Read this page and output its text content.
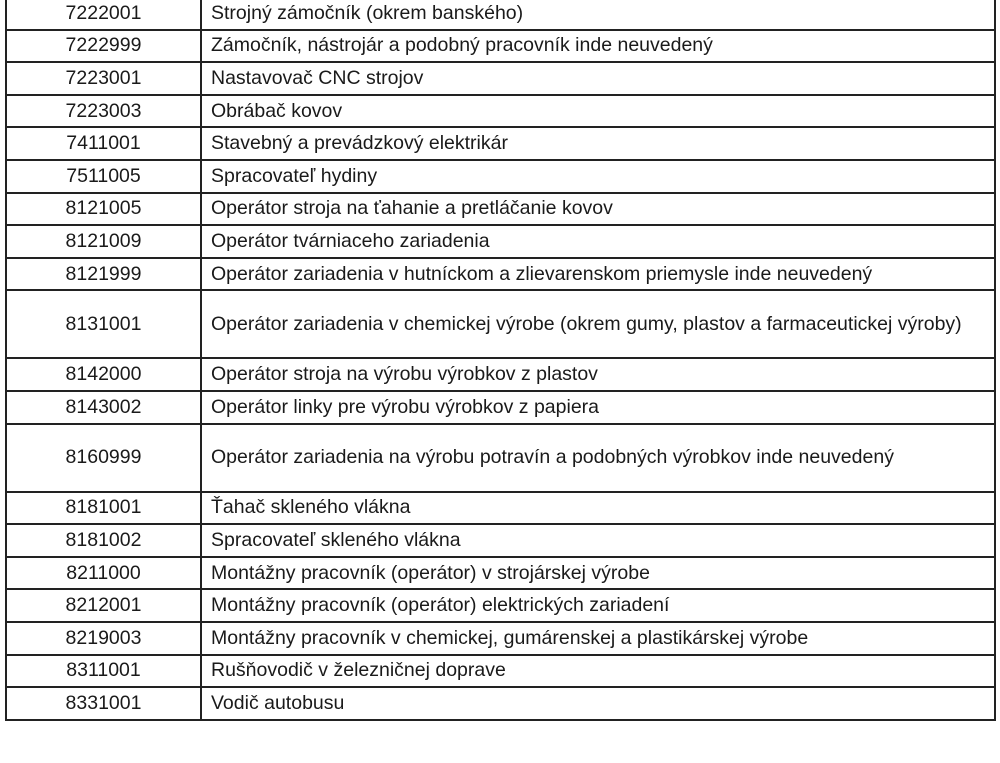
7222001	Strojný zámočník (okrem banského)
7222999	Zámočník, nástrojár a podobný pracovník inde neuvedený
7223001	Nastavovač CNC strojov
7223003	Obrábač kovov
7411001	Stavebný a prevádzkový elektrikár
7511005	Spracovateľ hydiny
8121005	Operátor stroja na ťahanie a pretláčanie kovov
8121009	Operátor tvárniaceho zariadenia
8121999	Operátor zariadenia v hutníckom a zlievarenskom priemysle inde neuvedený
8131001	Operátor zariadenia v chemickej výrobe (okrem gumy, plastov a farmaceutickej výroby)
8142000	Operátor stroja na výrobu výrobkov z plastov
8143002	Operátor linky pre výrobu výrobkov z papiera
8160999	Operátor zariadenia na výrobu potravín a podobných výrobkov inde neuvedený
8181001	Ťahač skleného vlákna
8181002	Spracovateľ skleného vlákna
8211000	Montážny pracovník (operátor) v strojárskej výrobe
8212001	Montážny pracovník (operátor) elektrických zariadení
8219003	Montážny pracovník v chemickej, gumárenskej a plastikárskej výrobe
8311001	Rušňovodič v železničnej doprave
8331001	Vodič autobusu
